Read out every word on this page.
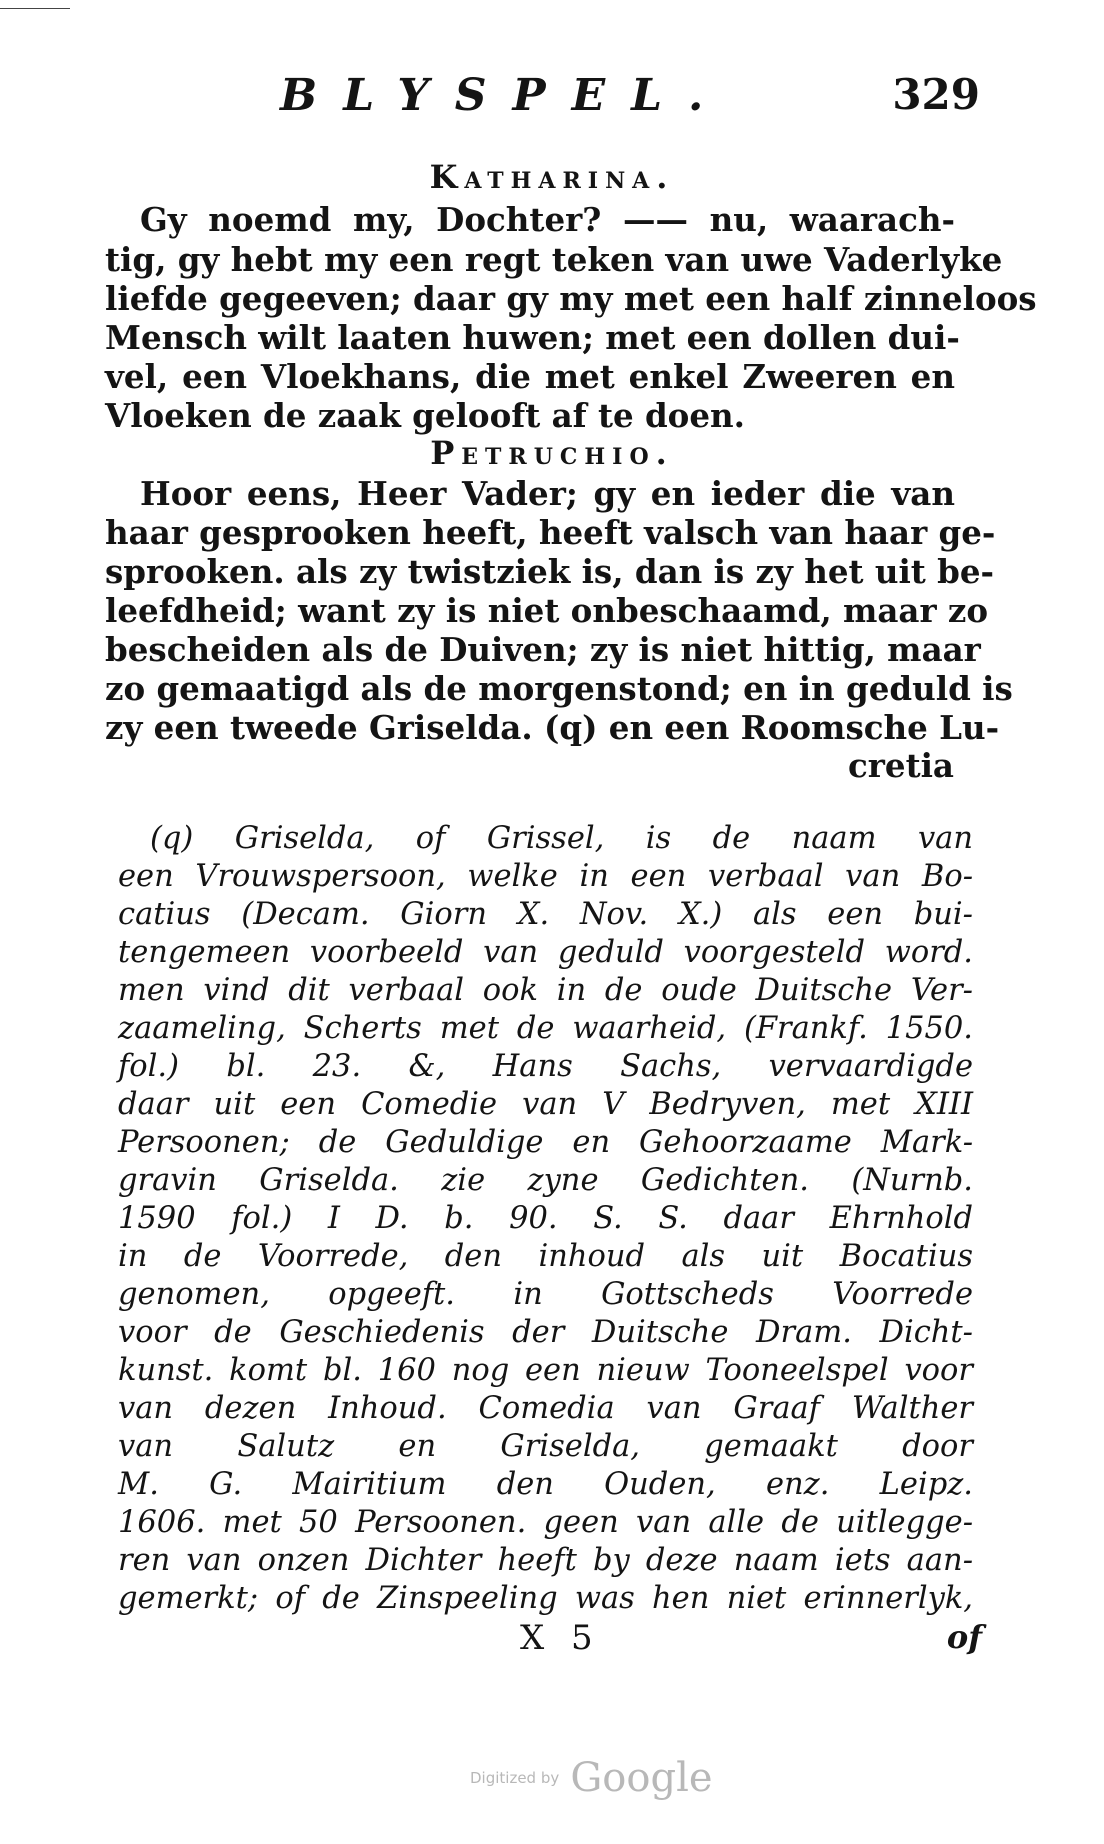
BLYSPEL.	329
Katharina.
Gy noemd my, Dochter? —— nu, waarach-
tig, gy hebt my een regt teken van uwe Vaderlyke
liefde gegeeven; daar gy my met een half zinneloos
Mensch wilt laaten huwen; met een dollen dui-
vel, een Vloekhans, die met enkel Zweeren en
Vloeken de zaak gelooft af te doen.
Petruchio.
Hoor eens, Heer Vader; gy en ieder die van
haar gesprooken heeft, heeft valsch van haar ge-
sprooken. als zy twistziek is, dan is zy het uit be-
leefdheid; want zy is niet onbeschaamd, maar zo
bescheiden als de Duiven; zy is niet hittig, maar
zo gemaatigd als de morgenstond; en in geduld is
zy een tweede Griselda. (q) en een Roomsche Lu-
cretia
(q) Griselda, of Grissel, is de naam van
een Vrouwspersoon, welke in een verbaal van Bo-
catius (Decam. Giorn X. Nov. X.) als een bui-
tengemeen voorbeeld van geduld voorgesteld word.
men vind dit verbaal ook in de oude Duitsche Ver-
zaameling, Scherts met de waarheid, (Frankf. 1550.
fol.) bl. 23. &, Hans Sachs, vervaardigde
daar uit een Comedie van V Bedryven, met XIII
Persoonen; de Geduldige en Gehoorzaame Mark-
gravin Griselda. zie zyne Gedichten. (Nurnb.
1590 fol.) I D. b. 90. S. S. daar Ehrnhold
in de Voorrede, den inhoud als uit Bocatius
genomen, opgeeft. in Gottscheds Voorrede
voor de Geschiedenis der Duitsche Dram. Dicht-
kunst. komt bl. 160 nog een nieuw Tooneelspel voor
van dezen Inhoud. Comedia van Graaf Walther
van Salutz en Griselda, gemaakt door
M. G. Mairitium den Ouden, enz. Leipz.
1606. met 50 Persoonen. geen van alle de uitlegge-
ren van onzen Dichter heeft by deze naam iets aan-
gemerkt; of de Zinspeeling was hen niet erinnerlyk,
X 5	of
Digitized by Google
